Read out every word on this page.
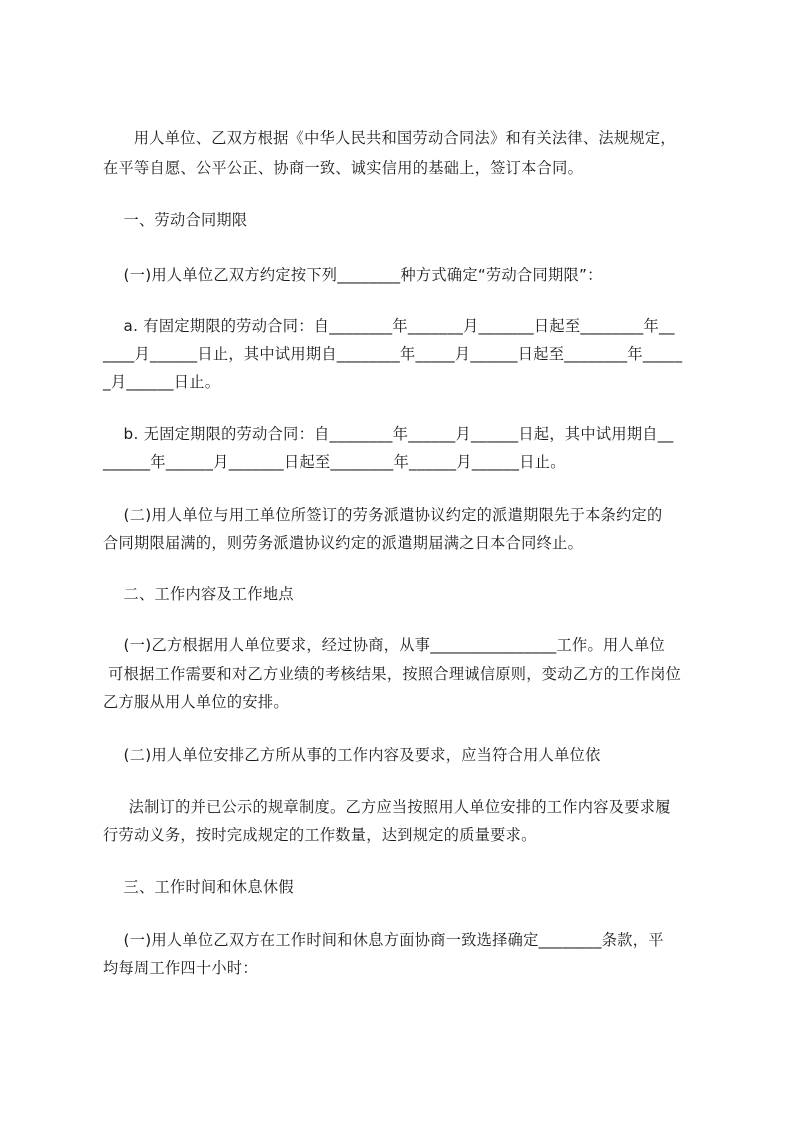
用人单位、乙双方根据《中华人民共和国劳动合同法》和有关法律、法规规定，
在平等自愿、公平公正、协商一致、诚实信用的基础上，签订本合同。
一、劳动合同期限
(一)用人单位乙双方约定按下列________种方式确定“劳动合同期限”：
a. 有固定期限的劳动合同：自________年_______月_______日起至________年__
____月______日止，其中试用期自________年_____月______日起至________年_____
_月______日止。
b. 无固定期限的劳动合同：自________年______月______日起，其中试用期自__
______年______月_______日起至________年______月______日止。
(二)用人单位与用工单位所签订的劳务派遣协议约定的派遣期限先于本条约定的
合同期限届满的，则劳务派遣协议约定的派遣期届满之日本合同终止。
二、工作内容及工作地点
(一)乙方根据用人单位要求，经过协商，从事________________工作。用人单位
可根据工作需要和对乙方业绩的考核结果，按照合理诚信原则，变动乙方的工作岗位
乙方服从用人单位的安排。
(二)用人单位安排乙方所从事的工作内容及要求，应当符合用人单位依
法制订的并已公示的规章制度。乙方应当按照用人单位安排的工作内容及要求履
行劳动义务，按时完成规定的工作数量，达到规定的质量要求。
三、工作时间和休息休假
(一)用人单位乙双方在工作时间和休息方面协商一致选择确定________条款，平
均每周工作四十小时：
